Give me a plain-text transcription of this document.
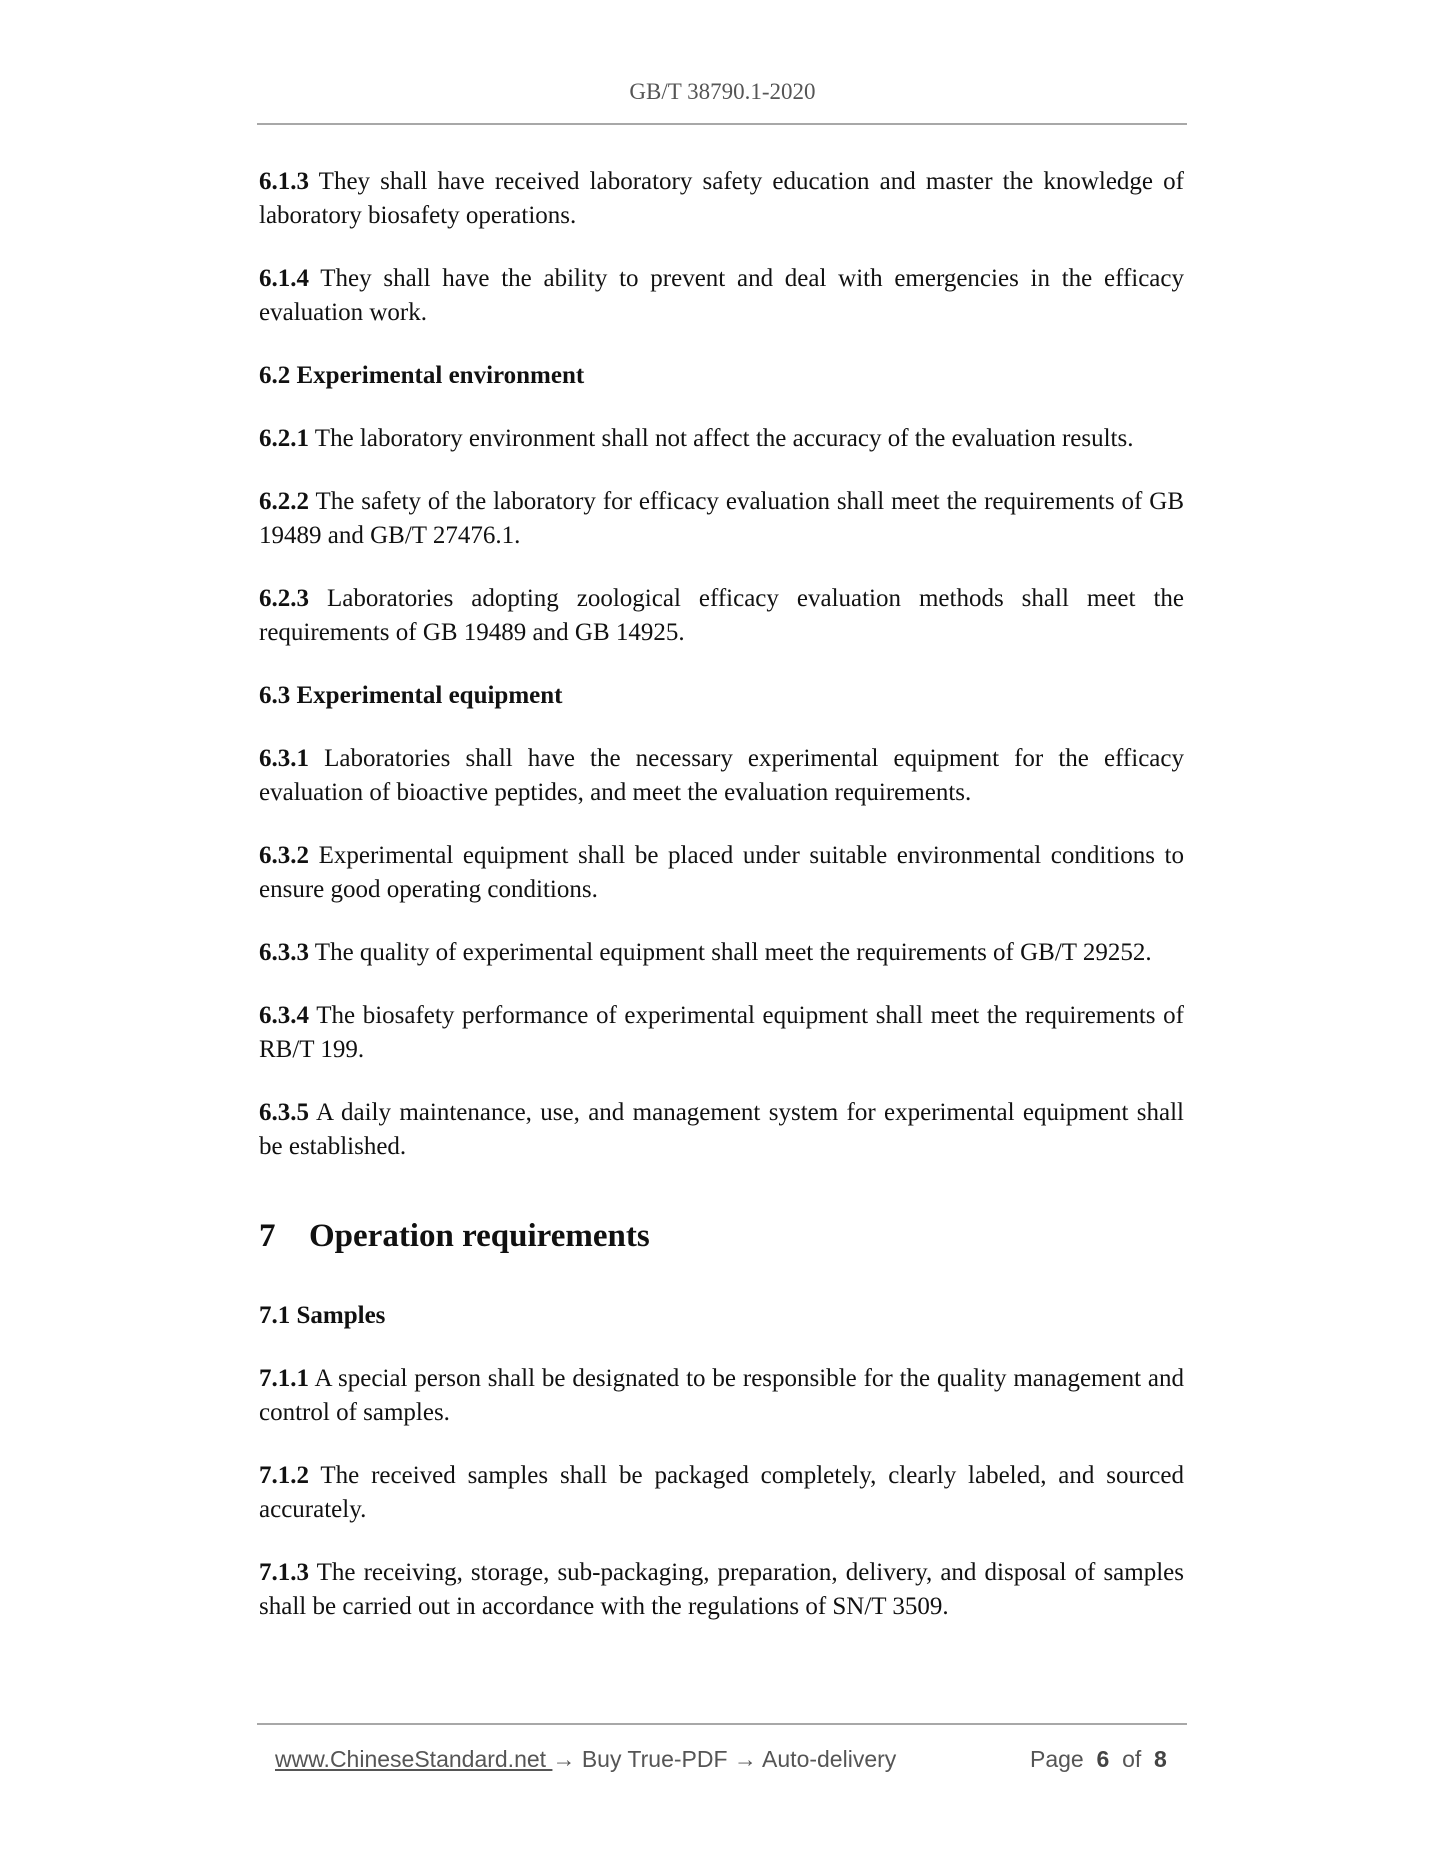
GB/T 38790.1-2020

6.1.3 They shall have received laboratory safety education and master the knowledge of laboratory biosafety operations.

6.1.4 They shall have the ability to prevent and deal with emergencies in the efficacy evaluation work.

6.2 Experimental environment

6.2.1 The laboratory environment shall not affect the accuracy of the evaluation results.

6.2.2 The safety of the laboratory for efficacy evaluation shall meet the requirements of GB 19489 and GB/T 27476.1.

6.2.3 Laboratories adopting zoological efficacy evaluation methods shall meet the requirements of GB 19489 and GB 14925.

6.3 Experimental equipment

6.3.1 Laboratories shall have the necessary experimental equipment for the efficacy evaluation of bioactive peptides, and meet the evaluation requirements.

6.3.2 Experimental equipment shall be placed under suitable environmental conditions to ensure good operating conditions.

6.3.3 The quality of experimental equipment shall meet the requirements of GB/T 29252.

6.3.4 The biosafety performance of experimental equipment shall meet the requirements of RB/T 199.

6.3.5 A daily maintenance, use, and management system for experimental equipment shall be established.

7 Operation requirements

7.1 Samples

7.1.1 A special person shall be designated to be responsible for the quality management and control of samples.

7.1.2 The received samples shall be packaged completely, clearly labeled, and sourced accurately.

7.1.3 The receiving, storage, sub-packaging, preparation, delivery, and disposal of samples shall be carried out in accordance with the regulations of SN/T 3509.

www.ChineseStandard.net → Buy True-PDF → Auto-delivery	Page 6 of 8
